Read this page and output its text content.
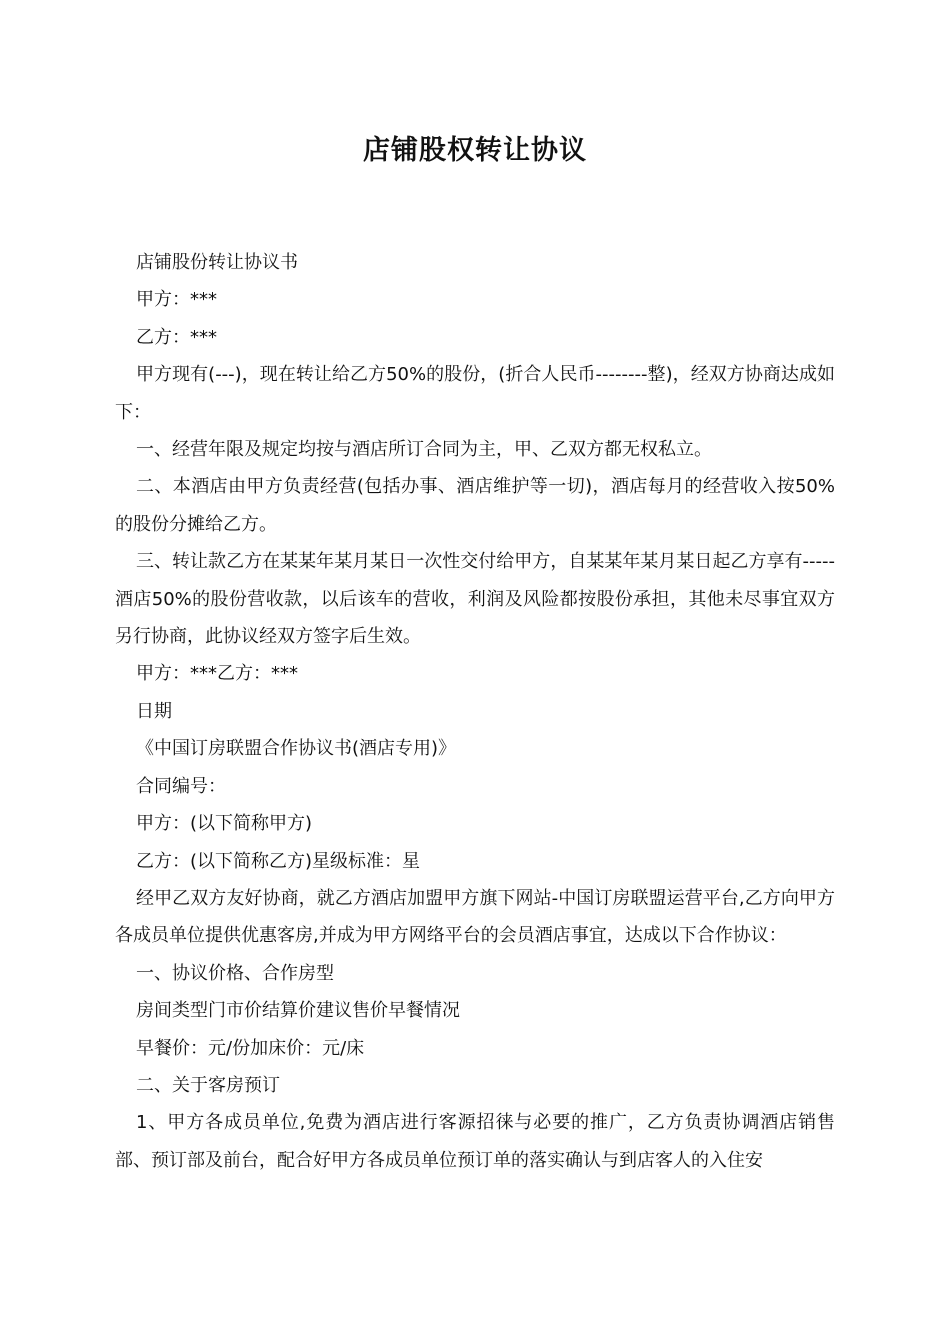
店铺股权转让协议

店铺股份转让协议书

甲方：***

乙方：***

甲方现有(---)，现在转让给乙方50%的股份，(折合人民币--------整)，经双方协商达成如下：

一、经营年限及规定均按与酒店所订合同为主，甲、乙双方都无权私立。

二、本酒店由甲方负责经营(包括办事、酒店维护等一切)，酒店每月的经营收入按50%的股份分摊给乙方。

三、转让款乙方在某某年某月某日一次性交付给甲方，自某某年某月某日起乙方享有-----酒店50%的股份营收款，以后该车的营收，利润及风险都按股份承担，其他未尽事宜双方另行协商，此协议经双方签字后生效。

甲方：***乙方：***

日期

《中国订房联盟合作协议书(酒店专用)》

合同编号：

甲方：(以下简称甲方)

乙方：(以下简称乙方)星级标准：星

经甲乙双方友好协商，就乙方酒店加盟甲方旗下网站-中国订房联盟运营平台,乙方向甲方各成员单位提供优惠客房,并成为甲方网络平台的会员酒店事宜，达成以下合作协议：

一、协议价格、合作房型

房间类型门市价结算价建议售价早餐情况

早餐价：元/份加床价：元/床

二、关于客房预订

1、甲方各成员单位,免费为酒店进行客源招徕与必要的推广，乙方负责协调酒店销售部、预订部及前台，配合好甲方各成员单位预订单的落实确认与到店客人的入住安
